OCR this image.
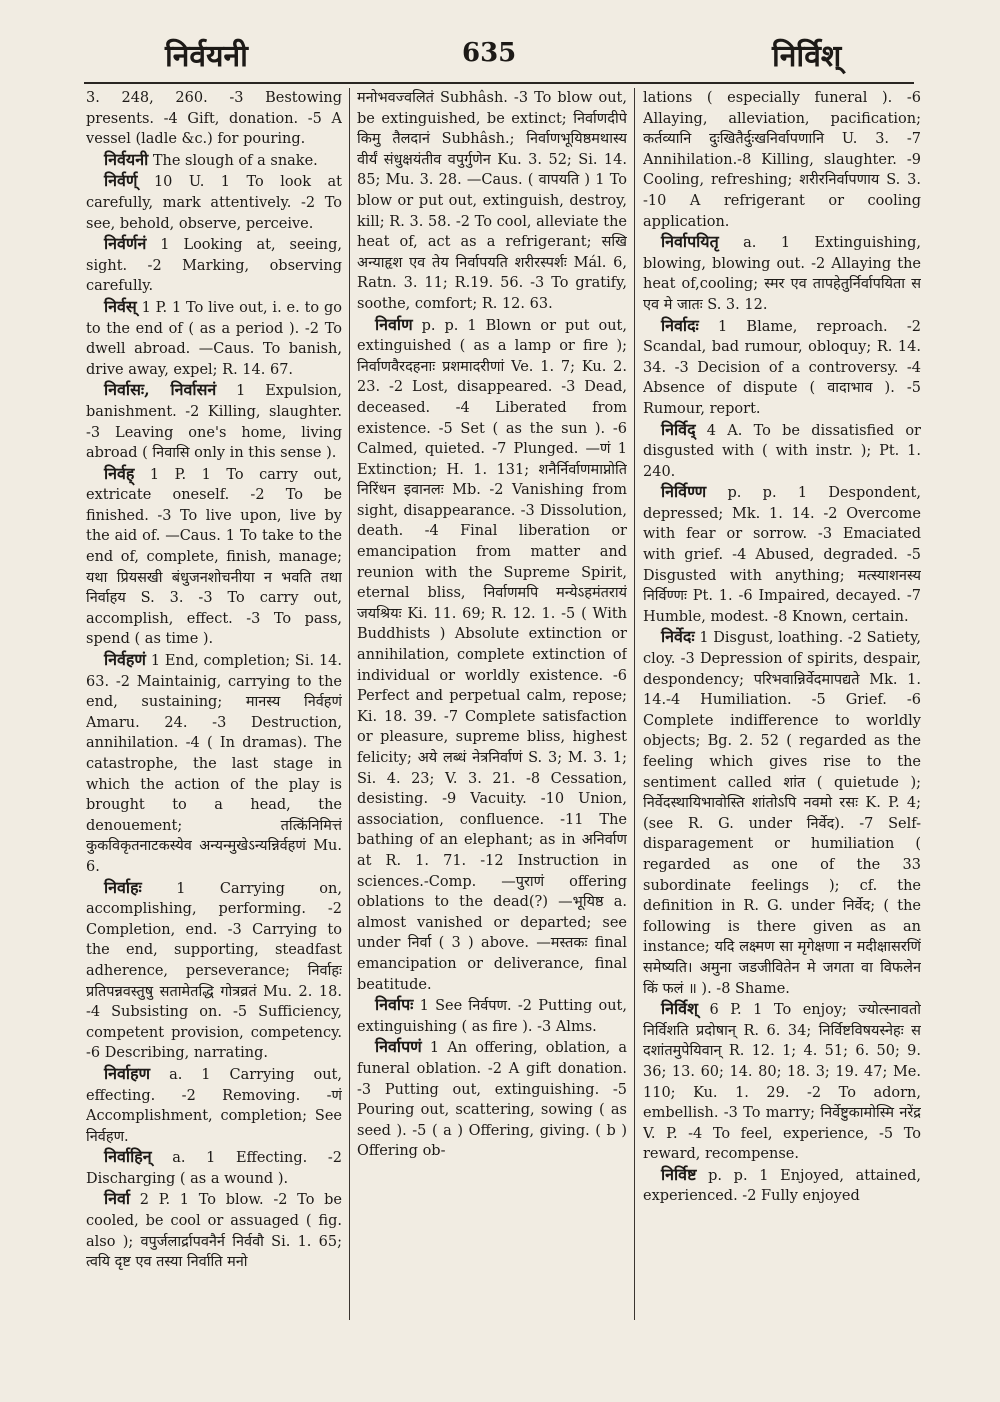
निर्वयनी	635	निर्विश्

3. 248, 260. -3 Bestowing presents. -4 Gift, donation. -5 A vessel (ladle &c.) for pouring.

निर्वयनी The slough of a snake.

निर्वर्ण् 10 U. 1 To look at carefully, mark attentively. -2 To see, behold, observe, perceive.

निर्वर्णनं 1 Looking at, seeing, sight. -2 Marking, observing carefully.

निर्वस् 1 P. 1 To live out, i. e. to go to the end of ( as a period ). -2 To dwell abroad. —Caus. To banish, drive away, expel; R. 14. 67.

निर्वासः, निर्वासनं 1 Expulsion, banishment. -2 Killing, slaughter. -3 Leaving one's home, living abroad ( निवासि only in this sense ).

निर्वह् 1 P. 1 To carry out, extricate oneself. -2 To be finished. -3 To live upon, live by the aid of. —Caus. 1 To take to the end of, complete, finish, manage; यथा प्रियसखी बंधुजनशोचनीया न भवति तथा निर्वाहय S. 3. -3 To carry out, accomplish, effect. -3 To pass, spend ( as time ).

निर्वहणं 1 End, completion; Si. 14. 63. -2 Maintainig, carrying to the end, sustaining; मानस्य निर्वहणं Amaru. 24. -3 Destruction, annihilation. -4 ( In dramas). The catastrophe, the last stage in which the action of the play is brought to a head, the denouement; तत्किंनिमित्तं कुकविकृतनाटकस्येव अन्यन्मुखेऽन्यन्निर्वहणं Mu. 6.

निर्वाहः 1 Carrying on, accomplishing, performing. -2 Completion, end. -3 Carrying to the end, supporting, steadfast adherence, perseverance; निर्वाहः प्रतिपन्नवस्तुषु सतामेतद्धि गोत्रव्रतं Mu. 2. 18. -4 Subsisting on. -5 Sufficiency, competent provision, competency. -6 Describing, narrating.

निर्वाहण a. 1 Carrying out, effecting. -2 Removing. -णं Accomplishment, completion; See निर्वहण.

निर्वाहिन् a. 1 Effecting. -2 Discharging ( as a wound ).

निर्वा 2 P. 1 To blow. -2 To be cooled, be cool or assuaged ( fig. also ); वपुर्जलार्द्रापवनैर्न निर्ववौ Si. 1. 65; त्वयि दृष्ट एव तस्या निर्वाति मनो

मनोभवज्वलितं Subhâsh. -3 To blow out, be extinguished, be extinct; निर्वाणदीपे किमु तैलदानं Subhâsh.; निर्वाणभूयिष्ठमथास्य वीर्यं संधुक्षयंतीव वपुर्गुणेन Ku. 3. 52; Si. 14. 85; Mu. 3. 28. —Caus. ( वापयति ) 1 To blow or put out, extinguish, destroy, kill; R. 3. 58. -2 To cool, alleviate the heat of, act as a refrigerant; सखि अन्याहृश एव तेय निर्वापयति शरीरस्पर्शः Mál. 6, Ratn. 3. 11; R.19. 56. -3 To gratify, soothe, comfort; R. 12. 63.

निर्वाण p. p. 1 Blown or put out, extinguished ( as a lamp or fire ); निर्वाणवैरदहनाः प्रशमादरीणां Ve. 1. 7; Ku. 2. 23. -2 Lost, disappeared. -3 Dead, deceased. -4 Liberated from existence. -5 Set ( as the sun ). -6 Calmed, quieted. -7 Plunged. —णं 1 Extinction; H. 1. 131; शनैर्निर्वाणमाप्नोति निरिंधन इवानलः Mb. -2 Vanishing from sight, disappearance. -3 Dissolution, death. -4 Final liberation or emancipation from matter and reunion with the Supreme Spirit, eternal bliss, निर्वाणमपि मन्येऽहमंतरायं जयश्रियः Ki. 11. 69; R. 12. 1. -5 ( With Buddhists ) Absolute extinction or annihilation, complete extinction of individual or worldly existence. -6 Perfect and perpetual calm, repose; Ki. 18. 39. -7 Complete satisfaction or pleasure, supreme bliss, highest felicity; अये लब्धं नेत्रनिर्वाणं S. 3; M. 3. 1; Si. 4. 23; V. 3. 21. -8 Cessation, desisting. -9 Vacuity. -10 Union, association, confluence. -11 The bathing of an elephant; as in अनिर्वाण at R. 1. 71. -12 Instruction in sciences.-Comp. —पुराणं offering oblations to the dead(?) —भूयिष्ठ a. almost vanished or departed; see under निर्वा ( 3 ) above. —मस्तकः final emancipation or deliverance, final beatitude.

निर्वापः 1 See निर्वपण. -2 Putting out, extinguishing ( as fire ). -3 Alms.

निर्वापणं 1 An offering, oblation, a funeral oblation. -2 A gift donation. -3 Putting out, extinguishing. -5 Pouring out, scattering, sowing ( as seed ). -5 ( a ) Offering, giving. ( b ) Offering ob-

lations ( especially funeral ). -6 Allaying, alleviation, pacification; कर्तव्यानि दुःखितैर्दुःखनिर्वापणानि U. 3. -7 Annihilation.-8 Killing, slaughter. -9 Cooling, refreshing; शरीरनिर्वापणाय S. 3. -10 A refrigerant or cooling application.

निर्वापयितृ a. 1 Extinguishing, blowing, blowing out. -2 Allaying the heat of,cooling; स्मर एव तापहेतुर्निर्वापयिता स एव मे जातः S. 3. 12.

निर्वादः 1 Blame, reproach. -2 Scandal, bad rumour, obloquy; R. 14. 34. -3 Decision of a controversy. -4 Absence of dispute ( वादाभाव ). -5 Rumour, report.

निर्विद् 4 A. To be dissatisfied or disgusted with ( with instr. ); Pt. 1. 240.

निर्विण्ण p. p. 1 Despondent, depressed; Mk. 1. 14. -2 Overcome with fear or sorrow. -3 Emaciated with grief. -4 Abused, degraded. -5 Disgusted with anything; मत्स्याशनस्य निर्विण्णः Pt. 1. -6 Impaired, decayed. -7 Humble, modest. -8 Known, certain.

निर्वेदः 1 Disgust, loathing. -2 Satiety, cloy. -3 Depression of spirits, despair, despondency; परिभवान्निर्वेदमापद्यते Mk. 1. 14.-4 Humiliation. -5 Grief. -6 Complete indifference to worldly objects; Bg. 2. 52 ( regarded as the feeling which gives rise to the sentiment called शांत ( quietude ); निर्वेदस्थायिभावोस्ति शांतोऽपि नवमो रसः K. P. 4; (see R. G. under निर्वेद). -7 Self-disparagement or humiliation ( regarded as one of the 33 subordinate feelings ); cf. the definition in R. G. under निर्वेद; ( the following is there given as an instance; यदि लक्ष्मण सा मृगेक्षणा न मदीक्षासरणिं समेष्यति। अमुना जडजीवितेन मे जगता वा विफलेन किं फलं ॥ ). -8 Shame.

निर्विश् 6 P. 1 To enjoy; ज्योत्स्नावतो निर्विशति प्रदोषान् R. 6. 34; निर्विष्टविषयस्नेहः स दशांतमुपेयिवान् R. 12. 1; 4. 51; 6. 50; 9. 36; 13. 60; 14. 80; 18. 3; 19. 47; Me. 110; Ku. 1. 29. -2 To adorn, embellish. -3 To marry; निर्वेष्टुकामोस्मि नरेंद्र V. P. -4 To feel, experience, -5 To reward, recompense.

निर्विष्ट p. p. 1 Enjoyed, attained, experienced. -2 Fully enjoyed
